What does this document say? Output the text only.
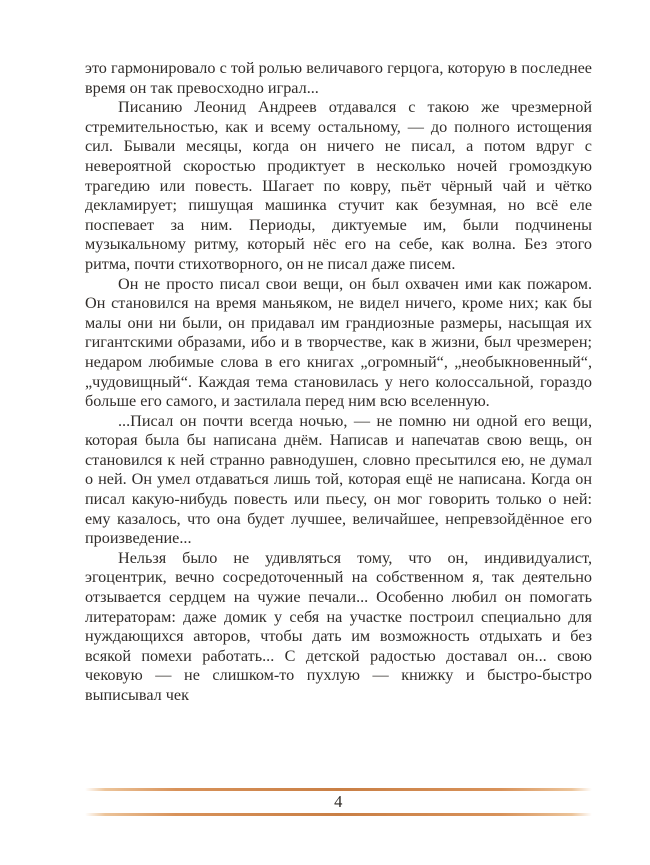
это гармонировало с той ролью величавого герцога, которую в последнее время он так превосходно играл...

Писанию Леонид Андреев отдавался с такою же чрезмерной стремительностью, как и всему остальному, — до полного истощения сил. Бывали месяцы, когда он ничего не писал, а потом вдруг с невероятной скоростью продиктует в несколько ночей громоздкую трагедию или повесть. Шагает по ковру, пьёт чёрный чай и чётко декламирует; пишущая машинка стучит как безумная, но всё еле поспевает за ним. Периоды, диктуемые им, были подчинены музыкальному ритму, который нёс его на себе, как волна. Без этого ритма, почти стихотворного, он не писал даже писем.

Он не просто писал свои вещи, он был охвачен ими как пожаром. Он становился на время маньяком, не видел ничего, кроме них; как бы малы они ни были, он придавал им грандиозные размеры, насыщая их гигантскими образами, ибо и в творчестве, как в жизни, был чрезмерен; недаром любимые слова в его книгах „огромный“, „необыкновенный“, „чудовищный“. Каждая тема становилась у него колоссальной, гораздо больше его самого, и застилала перед ним всю вселенную.

...Писал он почти всегда ночью, — не помню ни одной его вещи, которая была бы написана днём. Написав и напечатав свою вещь, он становился к ней странно равнодушен, словно пресытился ею, не думал о ней. Он умел отдаваться лишь той, которая ещё не написана. Когда он писал какую-нибудь повесть или пьесу, он мог говорить только о ней: ему казалось, что она будет лучшее, величайшее, непревзойдённое его произведение...

Нельзя было не удивляться тому, что он, индивидуалист, эгоцентрик, вечно сосредоточенный на собственном я, так деятельно отзывается сердцем на чужие печали... Особенно любил он помогать литераторам: даже домик у себя на участке построил специально для нуждающихся авторов, чтобы дать им возможность отдыхать и без всякой помехи работать... С детской радостью доставал он... свою чековую — не слишком-то пухлую — книжку и быстро-быстро выписывал чек

4
